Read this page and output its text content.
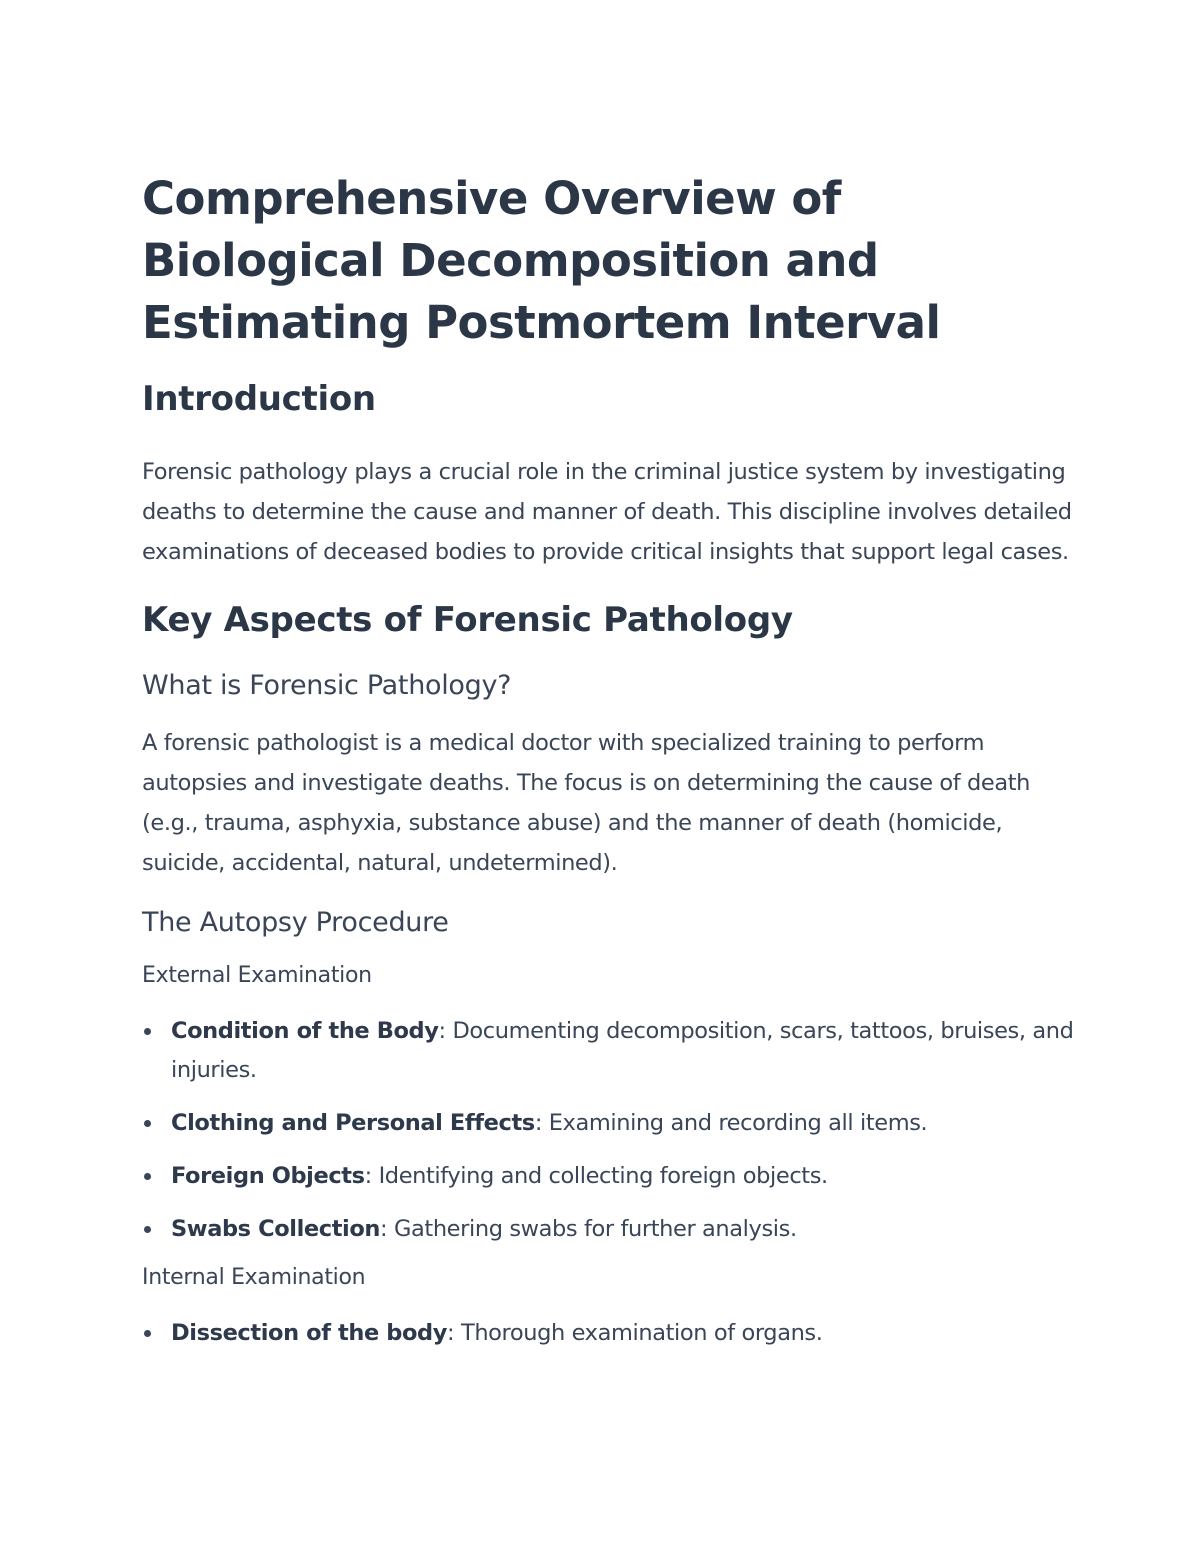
Comprehensive Overview of Biological Decomposition and Estimating Postmortem Interval
Introduction

Forensic pathology plays a crucial role in the criminal justice system by investigating deaths to determine the cause and manner of death. This discipline involves detailed examinations of deceased bodies to provide critical insights that support legal cases.

Key Aspects of Forensic Pathology
What is Forensic Pathology?

A forensic pathologist is a medical doctor with specialized training to perform autopsies and investigate deaths. The focus is on determining the cause of death (e.g., trauma, asphyxia, substance abuse) and the manner of death (homicide, suicide, accidental, natural, undetermined).

The Autopsy Procedure
External Examination
Condition of the Body: Documenting decomposition, scars, tattoos, bruises, and injuries.
Clothing and Personal Effects: Examining and recording all items.
Foreign Objects: Identifying and collecting foreign objects.
Swabs Collection: Gathering swabs for further analysis.
Internal Examination
Dissection of the body: Thorough examination of organs.
